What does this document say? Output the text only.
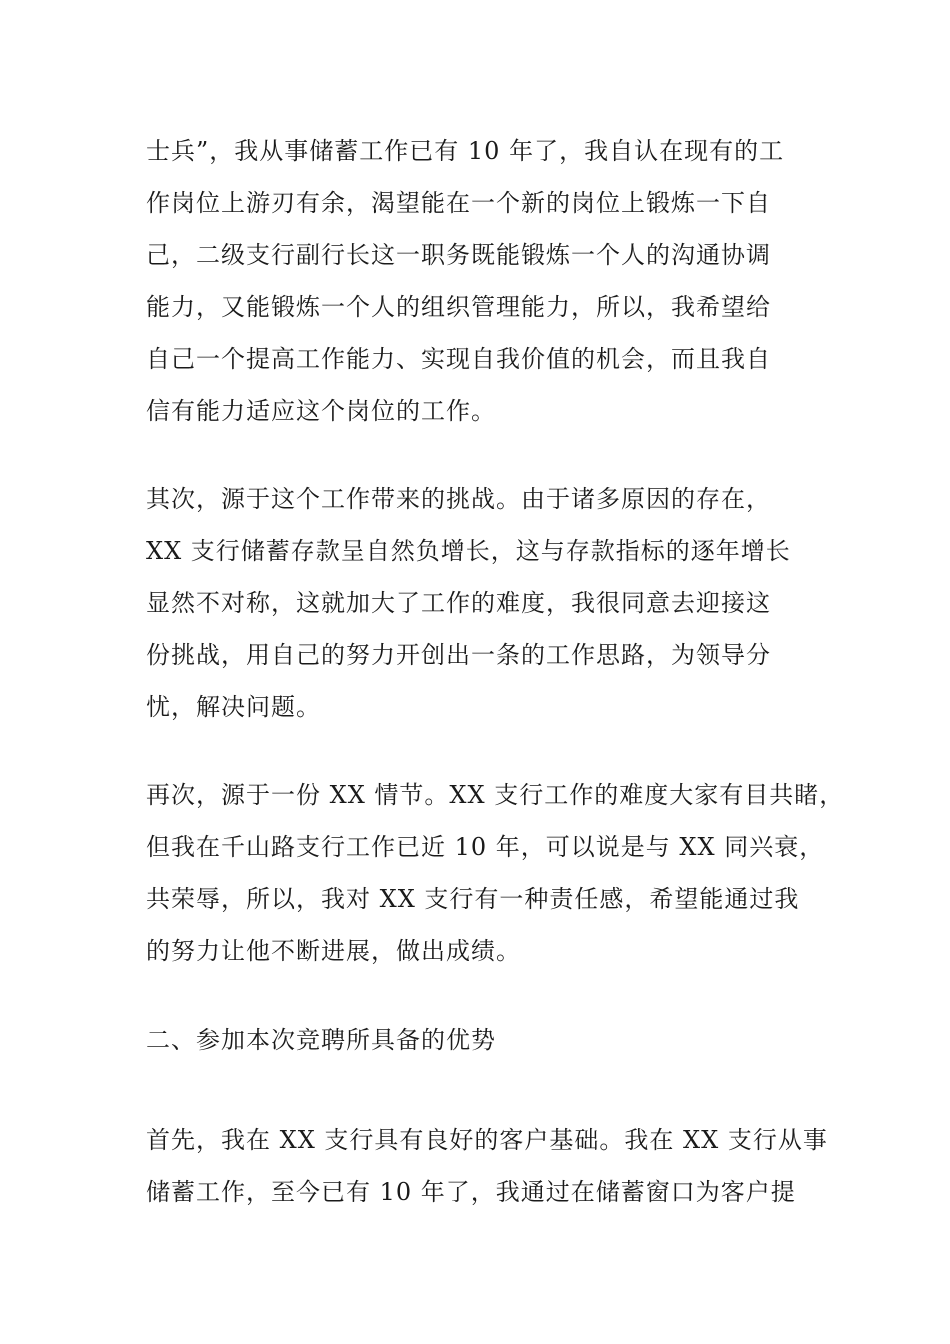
士兵”，我从事储蓄工作已有 10 年了，我自认在现有的工
作岗位上游刃有余，渴望能在一个新的岗位上锻炼一下自
己，二级支行副行长这一职务既能锻炼一个人的沟通协调
能力，又能锻炼一个人的组织管理能力，所以，我希望给
自己一个提高工作能力、实现自我价值的机会，而且我自
信有能力适应这个岗位的工作。
其次，源于这个工作带来的挑战。由于诸多原因的存在，
XX 支行储蓄存款呈自然负增长，这与存款指标的逐年增长
显然不对称，这就加大了工作的难度，我很同意去迎接这
份挑战，用自己的努力开创出一条的工作思路，为领导分
忧，解决问题。
再次，源于一份 XX 情节。XX 支行工作的难度大家有目共睹，
但我在千山路支行工作已近 10 年，可以说是与 XX 同兴衰，
共荣辱，所以，我对 XX 支行有一种责任感，希望能通过我
的努力让他不断进展，做出成绩。
二、参加本次竞聘所具备的优势
首先，我在 XX 支行具有良好的客户基础。我在 XX 支行从事
储蓄工作，至今已有 10 年了，我通过在储蓄窗口为客户提
